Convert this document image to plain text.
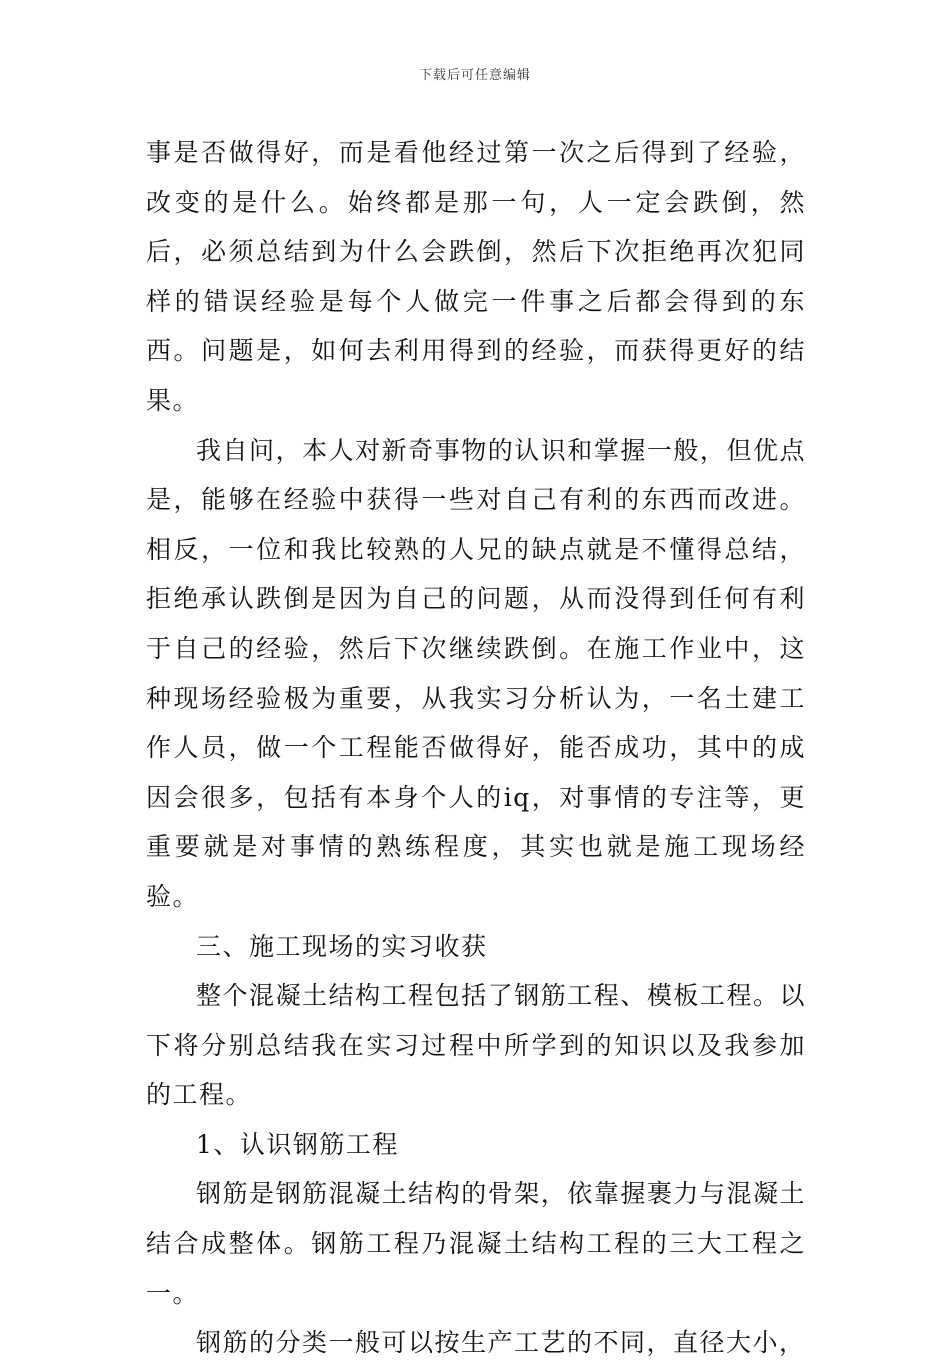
下载后可任意编辑

事是否做得好，而是看他经过第一次之后得到了经验，改变的是什么。始终都是那一句，人一定会跌倒，然后，必须总结到为什么会跌倒，然后下次拒绝再次犯同样的错误经验是每个人做完一件事之后都会得到的东西。问题是，如何去利用得到的经验，而获得更好的结果。

我自问，本人对新奇事物的认识和掌握一般，但优点是，能够在经验中获得一些对自己有利的东西而改进。相反，一位和我比较熟的人兄的缺点就是不懂得总结，拒绝承认跌倒是因为自己的问题，从而没得到任何有利于自己的经验，然后下次继续跌倒。在施工作业中，这种现场经验极为重要，从我实习分析认为，一名土建工作人员，做一个工程能否做得好，能否成功，其中的成因会很多，包括有本身个人的iq，对事情的专注等，更重要就是对事情的熟练程度，其实也就是施工现场经验。

三、施工现场的实习收获

整个混凝土结构工程包括了钢筋工程、模板工程。以下将分别总结我在实习过程中所学到的知识以及我参加的工程。

1、认识钢筋工程

钢筋是钢筋混凝土结构的骨架，依靠握裹力与混凝土结合成整体。钢筋工程乃混凝土结构工程的三大工程之一。

钢筋的分类一般可以按生产工艺的不同，直径大小，
